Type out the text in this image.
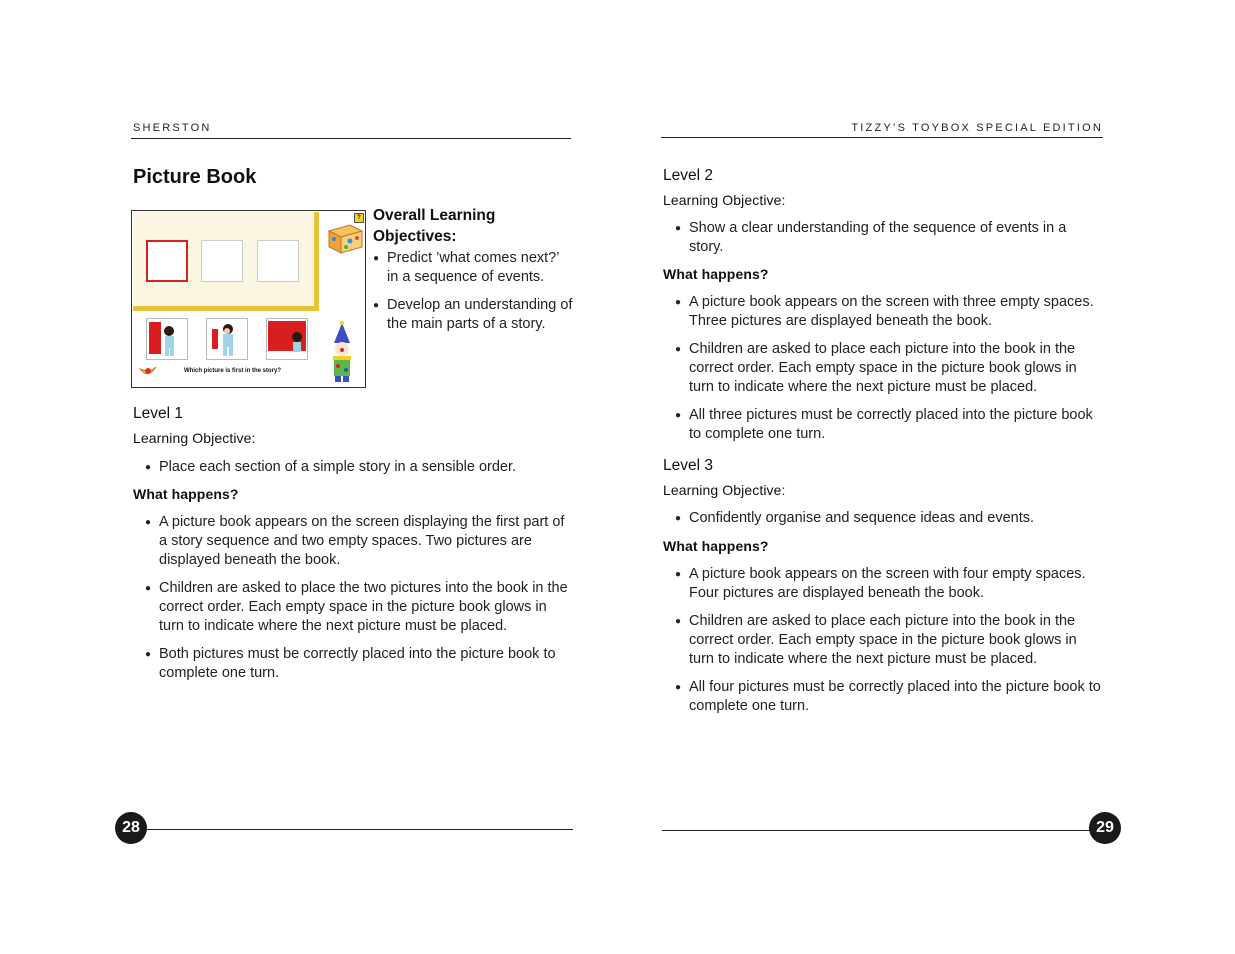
SHERSTON
Picture Book
?
Which picture is first in the story?
Overall Learning Objectives:
● Predict ’what comes next?’ in a sequence of events.
● Develop an understanding of the main parts of a story.
Level 1
Learning Objective:
● Place each section of a simple story in a sensible order.
What happens?
● A picture book appears on the screen displaying the first part of a story sequence and two empty spaces. Two pictures are displayed beneath the book.
● Children are asked to place the two pictures into the book in the correct order. Each empty space in the picture book glows in turn to indicate where the next picture must be placed.
● Both pictures must be correctly placed into the picture book to complete one turn.
28
TIZZY’S TOYBOX SPECIAL EDITION
Level 2
Learning Objective:
● Show a clear understanding of the sequence of events in a story.
What happens?
● A picture book appears on the screen with three empty spaces. Three pictures are displayed beneath the book.
● Children are asked to place each picture into the book in the correct order. Each empty space in the picture book glows in turn to indicate where the next picture must be placed.
● All three pictures must be correctly placed into the picture book to complete one turn.
Level 3
Learning Objective:
● Confidently organise and sequence ideas and events.
What happens?
● A picture book appears on the screen with four empty spaces. Four pictures are displayed beneath the book.
● Children are asked to place each picture into the book in the correct order. Each empty space in the picture book glows in turn to indicate where the next picture must be placed.
● All four pictures must be correctly placed into the picture book to complete one turn.
29
